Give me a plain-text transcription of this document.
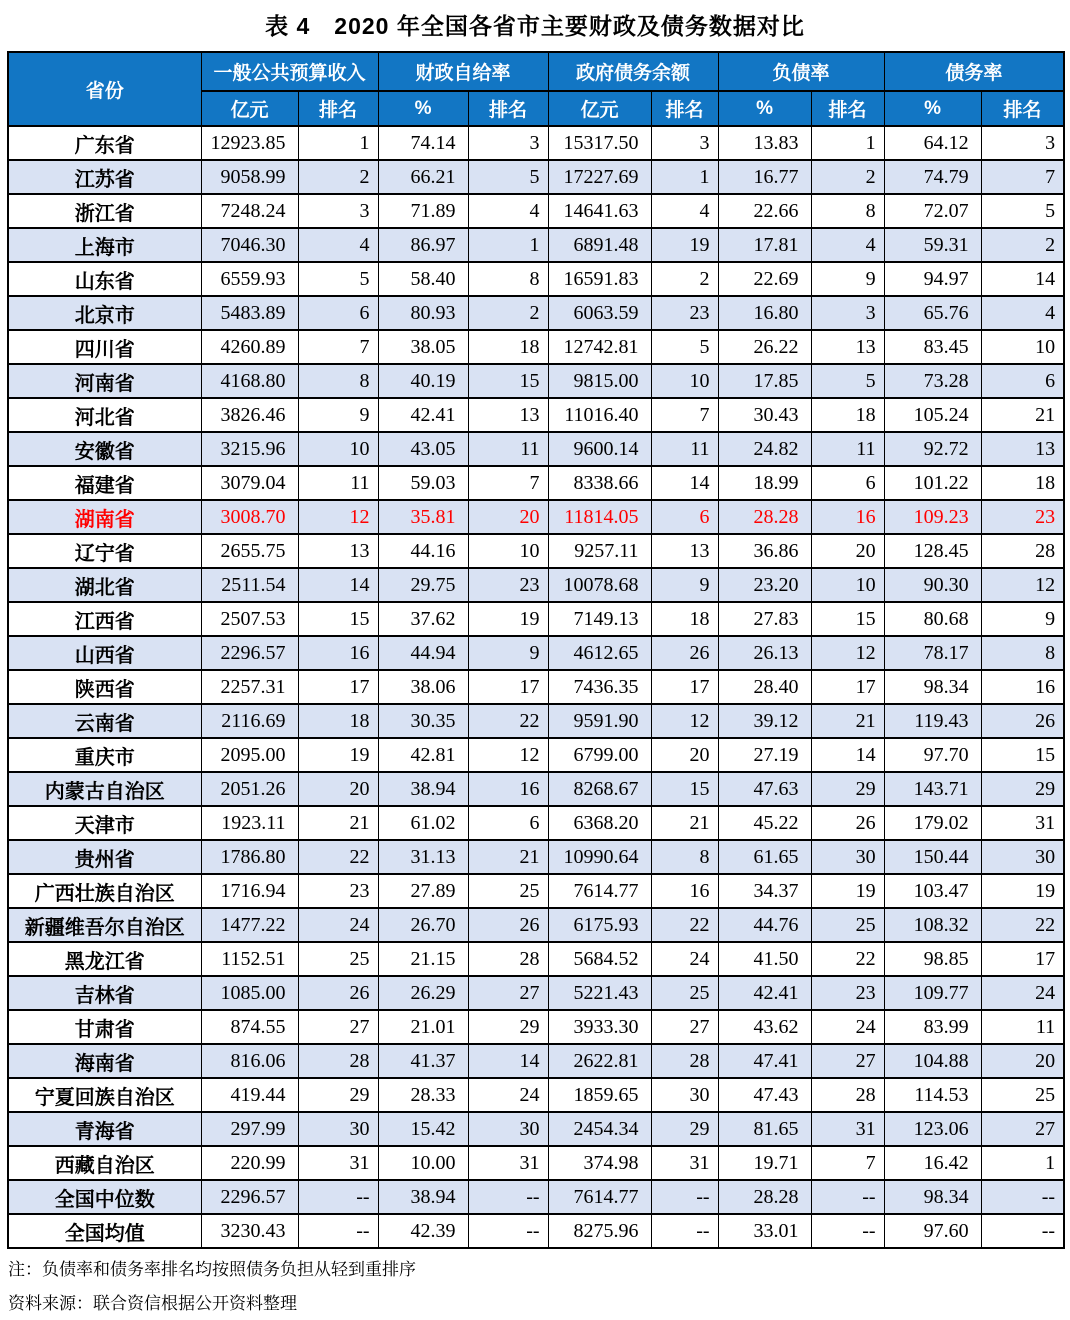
表 4　2020 年全国各省市主要财政及债务数据对比
省份	一般公共预算收入		财政自给率		政府债务余额		负债率		债务率	
	亿元	排名	%	排名	亿元	排名	%	排名	%	排名
广东省	12923.85	1	74.14	3	15317.50	3	13.83	1	64.12	3
江苏省	9058.99	2	66.21	5	17227.69	1	16.77	2	74.79	7
浙江省	7248.24	3	71.89	4	14641.63	4	22.66	8	72.07	5
上海市	7046.30	4	86.97	1	6891.48	19	17.81	4	59.31	2
山东省	6559.93	5	58.40	8	16591.83	2	22.69	9	94.97	14
北京市	5483.89	6	80.93	2	6063.59	23	16.80	3	65.76	4
四川省	4260.89	7	38.05	18	12742.81	5	26.22	13	83.45	10
河南省	4168.80	8	40.19	15	9815.00	10	17.85	5	73.28	6
河北省	3826.46	9	42.41	13	11016.40	7	30.43	18	105.24	21
安徽省	3215.96	10	43.05	11	9600.14	11	24.82	11	92.72	13
福建省	3079.04	11	59.03	7	8338.66	14	18.99	6	101.22	18
湖南省	3008.70	12	35.81	20	11814.05	6	28.28	16	109.23	23
辽宁省	2655.75	13	44.16	10	9257.11	13	36.86	20	128.45	28
湖北省	2511.54	14	29.75	23	10078.68	9	23.20	10	90.30	12
江西省	2507.53	15	37.62	19	7149.13	18	27.83	15	80.68	9
山西省	2296.57	16	44.94	9	4612.65	26	26.13	12	78.17	8
陕西省	2257.31	17	38.06	17	7436.35	17	28.40	17	98.34	16
云南省	2116.69	18	30.35	22	9591.90	12	39.12	21	119.43	26
重庆市	2095.00	19	42.81	12	6799.00	20	27.19	14	97.70	15
内蒙古自治区	2051.26	20	38.94	16	8268.67	15	47.63	29	143.71	29
天津市	1923.11	21	61.02	6	6368.20	21	45.22	26	179.02	31
贵州省	1786.80	22	31.13	21	10990.64	8	61.65	30	150.44	30
广西壮族自治区	1716.94	23	27.89	25	7614.77	16	34.37	19	103.47	19
新疆维吾尔自治区	1477.22	24	26.70	26	6175.93	22	44.76	25	108.32	22
黑龙江省	1152.51	25	21.15	28	5684.52	24	41.50	22	98.85	17
吉林省	1085.00	26	26.29	27	5221.43	25	42.41	23	109.77	24
甘肃省	874.55	27	21.01	29	3933.30	27	43.62	24	83.99	11
海南省	816.06	28	41.37	14	2622.81	28	47.41	27	104.88	20
宁夏回族自治区	419.44	29	28.33	24	1859.65	30	47.43	28	114.53	25
青海省	297.99	30	15.42	30	2454.34	29	81.65	31	123.06	27
西藏自治区	220.99	31	10.00	31	374.98	31	19.71	7	16.42	1
全国中位数	2296.57	--	38.94	--	7614.77	--	28.28	--	98.34	--
全国均值	3230.43	--	42.39	--	8275.96	--	33.01	--	97.60	--

注：负债率和债务率排名均按照债务负担从轻到重排序

资料来源：联合资信根据公开资料整理
